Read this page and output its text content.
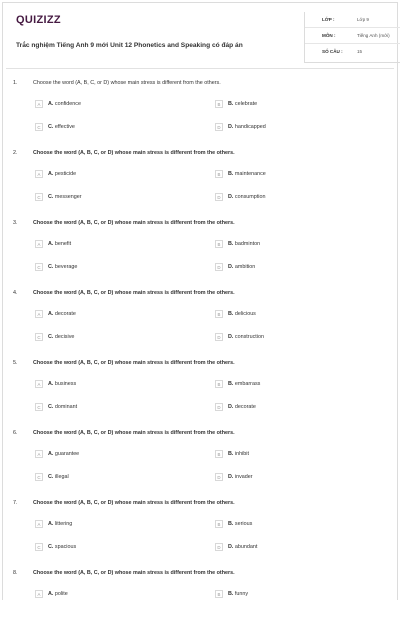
QUIZIZZ
Trắc nghiệm Tiếng Anh 9 mới Unit 12 Phonetics and Speaking có đáp án
LỚP :	Lớp 9
MÔN :	Tiếng Anh (mới)
SỐ CÂU :	15
1.	Choose the word (A, B, C, or D) whose main stress is different from the others.
A	A. confidence	B	B. celebrate
C	C. effective	D	D. handicapped
2.	Choose the word (A, B, C, or D) whose main stress is different from the others.
A	A. pesticide	B	B. maintenance
C	C. messenger	D	D. consumption
3.	Choose the word (A, B, C, or D) whose main stress is different from the others.
A	A. benefit	B	B. badminton
C	C. beverage	D	D. ambition
4.	Choose the word (A, B, C, or D) whose main stress is different from the others.
A	A. decorate	B	B. delicious
C	C. decisive	D	D. construction
5.	Choose the word (A, B, C, or D) whose main stress is different from the others.
A	A. business	B	B. embarrass
C	C. dominant	D	D. decorate
6.	Choose the word (A, B, C, or D) whose main stress is different from the others.
A	A. guarantee	B	B. inhibit
C	C. illegal	D	D. invader
7.	Choose the word (A, B, C, or D) whose main stress is different from the others.
A	A. littering	B	B. serious
C	C. spacious	D	D. abundant
8.	Choose the word (A, B, C, or D) whose main stress is different from the others.
A	A. polite	B	B. funny
